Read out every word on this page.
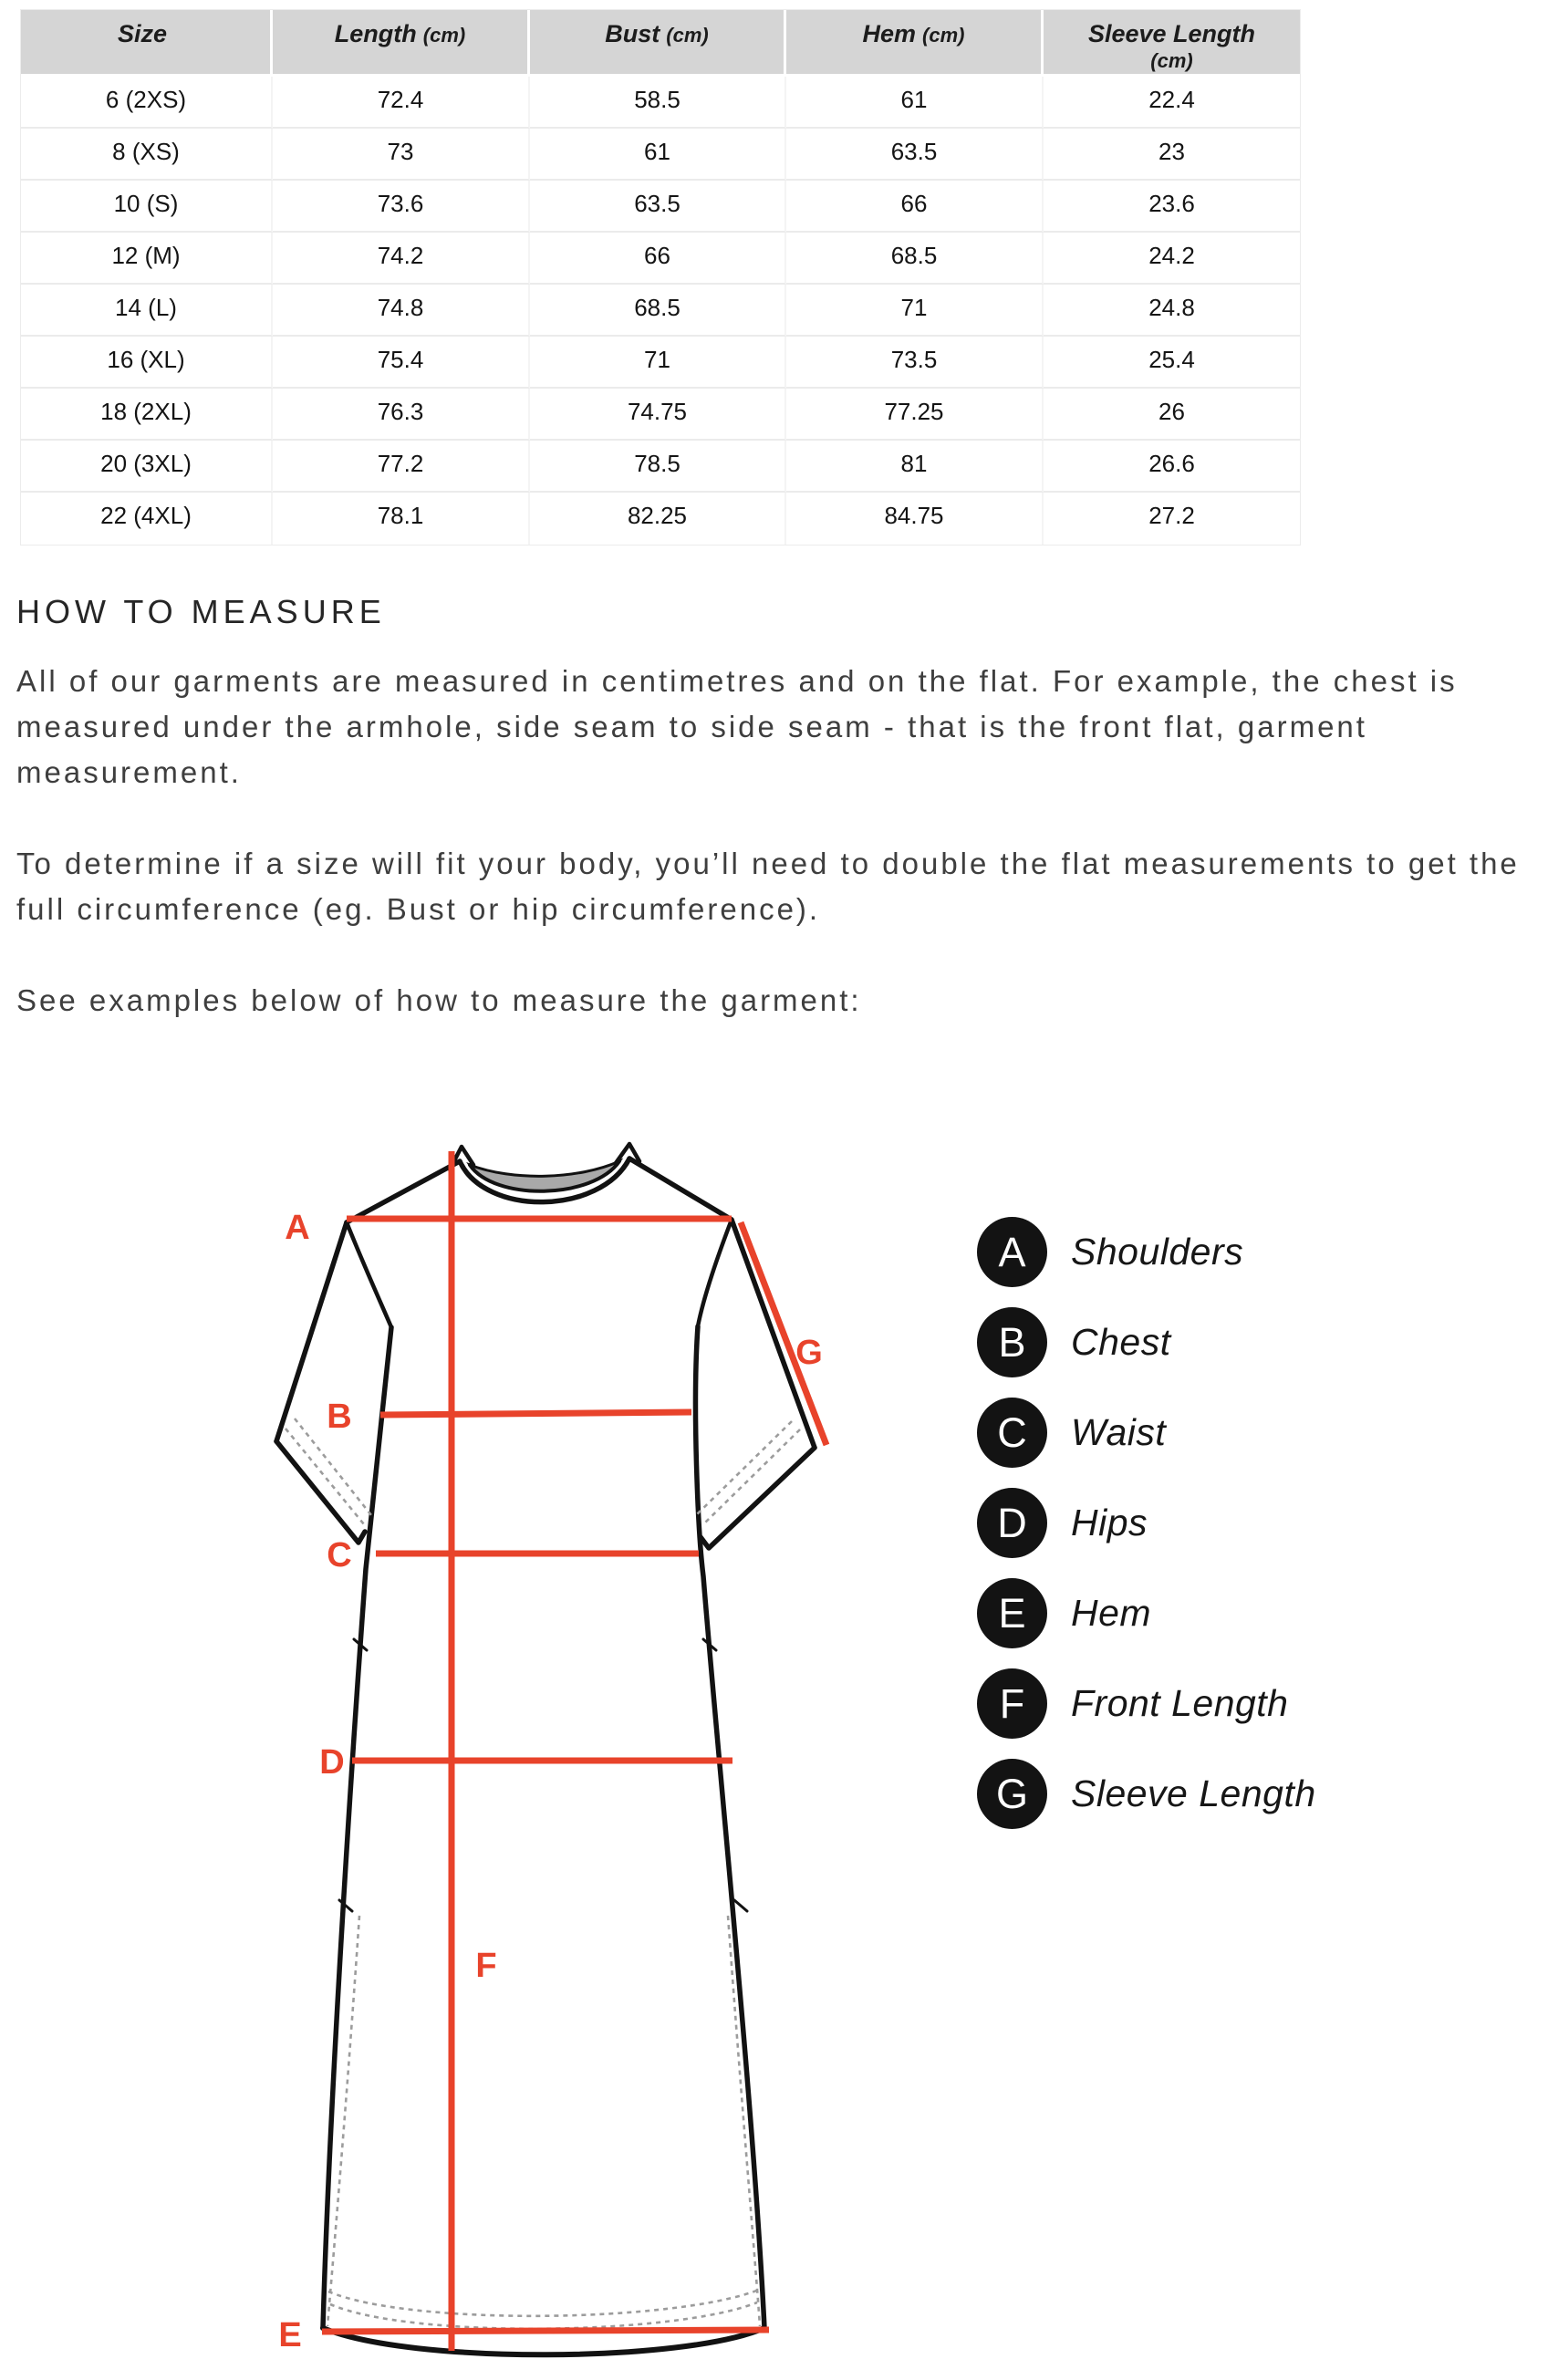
Size	Length (cm)	Bust (cm)	Hem (cm)	Sleeve Length
(cm)

6 (2XS)	72.4	58.5	61	22.4
8 (XS)	73	61	63.5	23
10 (S)	73.6	63.5	66	23.6
12 (M)	74.2	66	68.5	24.2
14 (L)	74.8	68.5	71	24.8
16 (XL)	75.4	71	73.5	25.4
18 (2XL)	76.3	74.75	77.25	26
20 (3XL)	77.2	78.5	81	26.6
22 (4XL)	78.1	82.25	84.75	27.2
HOW TO MEASURE

All of our garments are measured in centimetres and on the flat. For example, the chest is measured under the armhole, side seam to side seam - that is the front flat, garment measurement.

To determine if a size will fit your body, you’ll need to double the flat measurements to get the full circumference (eg. Bust or hip circumference).

See examples below of how to measure the garment:

A
B
C
D
E
F
G
A	Shoulders
B	Chest
C	Waist
D	Hips
E	Hem
F	Front Length
G	Sleeve Length
